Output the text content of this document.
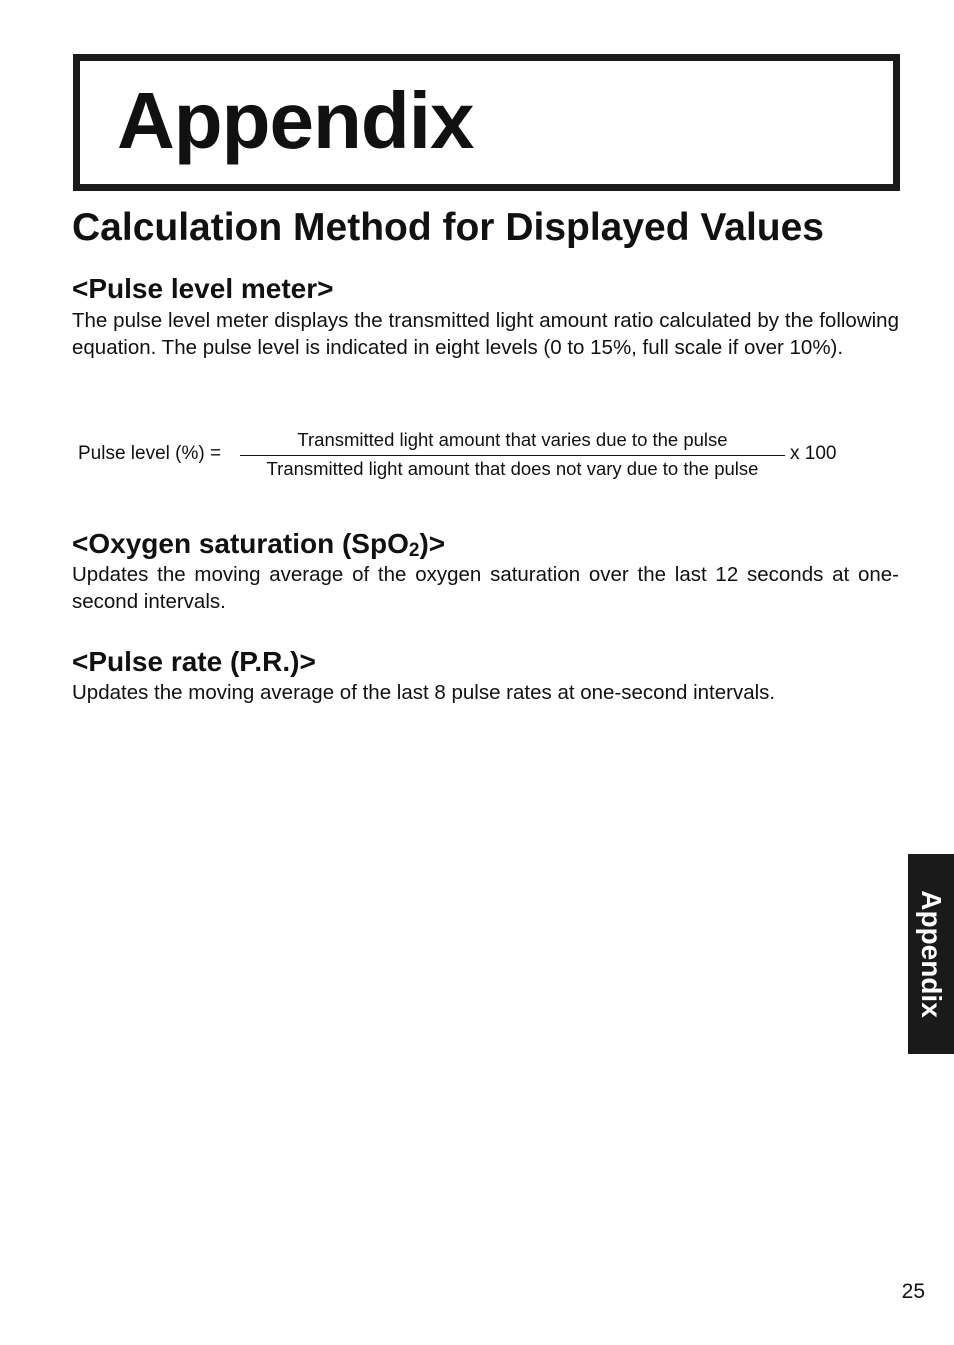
Appendix
Calculation Method for Displayed Values
<Pulse level meter>

The pulse level meter displays the transmitted light amount ratio calculated by the following equation. The pulse level is indicated in eight levels (0 to 15%, full scale if over 10%).

Pulse level (%) =
Transmitted light amount that varies due to the pulse
Transmitted light amount that does not vary due to the pulse
x 100
<Oxygen saturation (SpO$_2$)>

Updates the moving average of the oxygen saturation over the last 12 seconds at one-second intervals.

<Pulse rate (P.R.)>

Updates the moving average of the last 8 pulse rates at one-second intervals.

Appendix
25
